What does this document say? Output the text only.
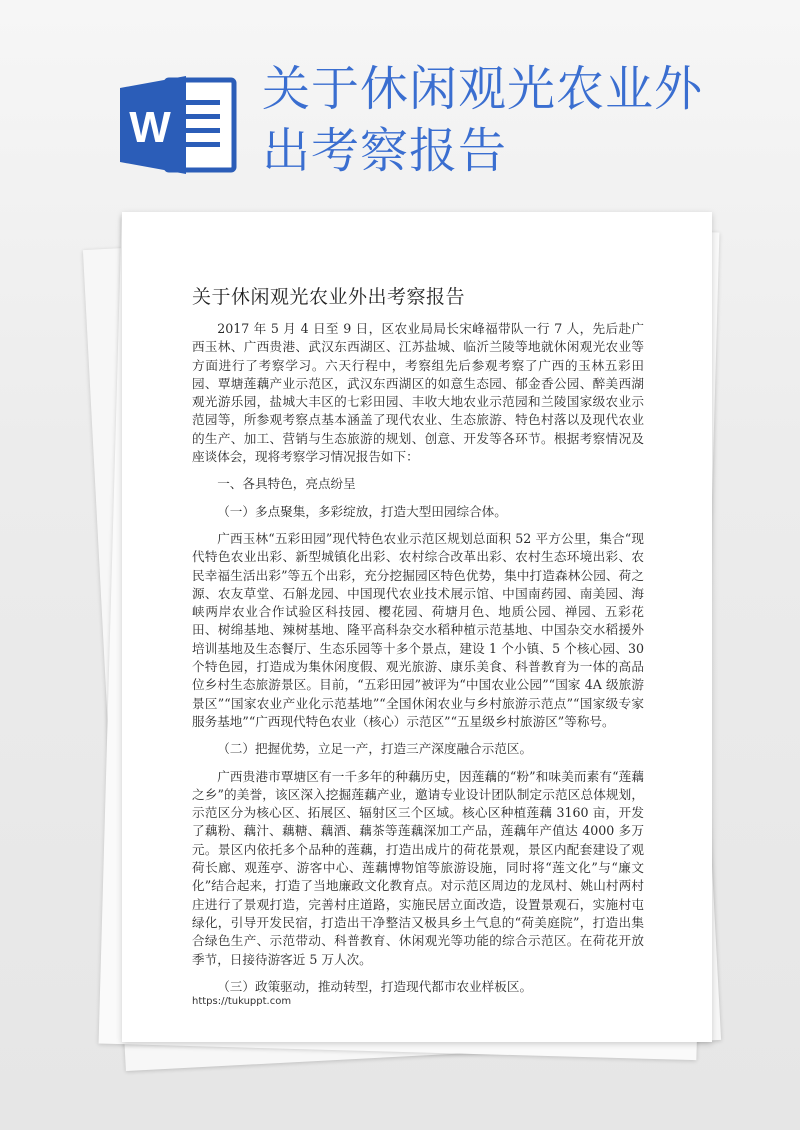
W
关于休闲观光农业外出考察报告
关于休闲观光农业外出考察报告

2017 年 5 月 4 日至 9 日，区农业局局长宋峰福带队一行 7 人，先后赴广西玉林、广西贵港、武汉东西湖区、江苏盐城、临沂兰陵等地就休闲观光农业等方面进行了考察学习。六天行程中，考察组先后参观考察了广西的玉林五彩田园、覃塘莲藕产业示范区，武汉东西湖区的如意生态园、郁金香公园、醉美西湖观光游乐园，盐城大丰区的七彩田园、丰收大地农业示范园和兰陵国家级农业示范园等，所参观考察点基本涵盖了现代农业、生态旅游、特色村落以及现代农业的生产、加工、营销与生态旅游的规划、创意、开发等各环节。根据考察情况及座谈体会，现将考察学习情况报告如下：

一、各具特色，亮点纷呈

（一）多点聚集，多彩绽放，打造大型田园综合体。

广西玉林“五彩田园”现代特色农业示范区规划总面积 52 平方公里，集合“现代特色农业出彩、新型城镇化出彩、农村综合改革出彩、农村生态环境出彩、农民幸福生活出彩”等五个出彩，充分挖掘园区特色优势，集中打造森林公园、荷之源、农友草堂、石斛龙园、中国现代农业技术展示馆、中国南药园、南美园、海峡两岸农业合作试验区科技园、樱花园、荷塘月色、地质公园、禅园、五彩花田、树绵基地、辣树基地、隆平高科杂交水稻种植示范基地、中国杂交水稻援外培训基地及生态餐厅、生态乐园等十多个景点，建设 1 个小镇、5 个核心园、30 个特色园，打造成为集休闲度假、观光旅游、康乐美食、科普教育为一体的高品位乡村生态旅游景区。目前，“五彩田园”被评为“中国农业公园”“国家 4A 级旅游景区”“国家农业产业化示范基地”“全国休闲农业与乡村旅游示范点”“国家级专家服务基地”“广西现代特色农业（核心）示范区”“五星级乡村旅游区”等称号。

（二）把握优势，立足一产，打造三产深度融合示范区。

广西贵港市覃塘区有一千多年的种藕历史，因莲藕的“粉”和味美而素有“莲藕之乡”的美誉，该区深入挖掘莲藕产业，邀请专业设计团队制定示范区总体规划，示范区分为核心区、拓展区、辐射区三个区域。核心区种植莲藕 3160 亩，开发了藕粉、藕汁、藕糖、藕酒、藕茶等莲藕深加工产品，莲藕年产值达 4000 多万元。景区内依托多个品种的莲藕，打造出成片的荷花景观，景区内配套建设了观荷长廊、观莲亭、游客中心、莲藕博物馆等旅游设施，同时将“莲文化”与“廉文化”结合起来，打造了当地廉政文化教育点。对示范区周边的龙凤村、姚山村两村庄进行了景观打造，完善村庄道路，实施民居立面改造，设置景观石，实施村屯绿化，引导开发民宿，打造出干净整洁又极具乡土气息的“荷美庭院”，打造出集合绿色生产、示范带动、科普教育、休闲观光等功能的综合示范区。在荷花开放季节，日接待游客近 5 万人次。

（三）政策驱动，推动转型，打造现代都市农业样板区。

https://tukuppt.com
